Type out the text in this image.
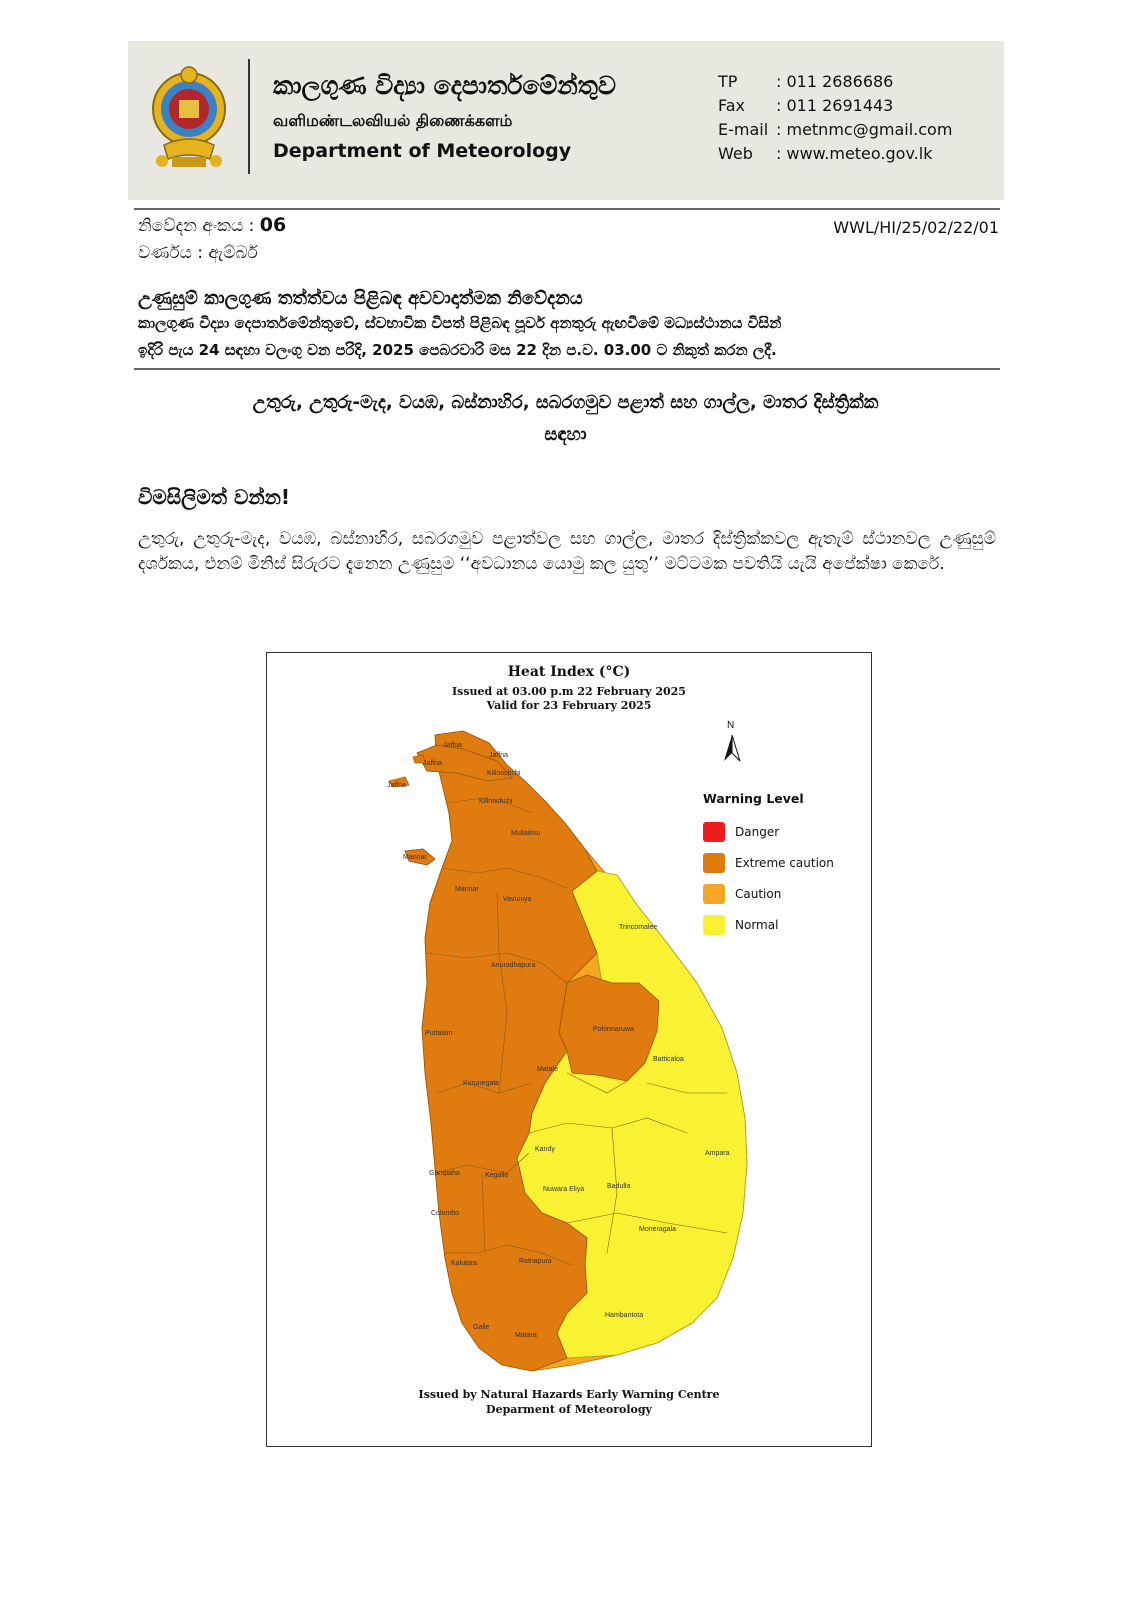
කාලගුණ විද්‍යා දෙපාර්තමේන්තුව
வளிமண்டலவியல் திணைக்களம்
Department of Meteorology
TP	: 011 2686686
Fax	: 011 2691443
E-mail : metnmc@gmail.com
Web	: www.meteo.gov.lk
නිවේදන අංකය : 06	WWL/HI/25/02/22/01
වර්ණය : ඇම්බර්
උණුසුම් කාලගුණ තත්ත්වය පිළිබඳ අවවාදාත්මක නිවේදනය
කාලගුණ විද්‍යා දෙපාර්තමේන්තුවේ, ස්වභාවික විපත් පිළිබඳ පූර්ව අනතුරු ඇඟවීමේ මධ්‍යස්ථානය විසින්
ඉදිරි පැය 24 සඳහා වලංගු වන පරිදි, 2025 පෙබරවාරි මස 22 දින ප.ව. 03.00 ට නිකුත් කරන ලදී.
උතුරු, උතුරු-මැද, වයඹ, බස්නාහිර, සබරගමුව පළාත් සහ ගාල්ල, මාතර දිස්ත්‍රික්ක
සඳහා
විමසිලිමත් වන්න!
උතුරු, උතුරු-මැද, වයඹ, බස්නාහිර, සබරගමුව පළාත්වල සහ ගාල්ල, මාතර දිස්ත්‍රික්කවල ඇතැම් ස්ථානවල උණුසුම් දර්ශකය, එනම් මිනිස් සිරුරට දැනෙන උණුසුම ‘‘අවධානය යොමු කල යුතු’’ මට්ටමක පවතියි යැයි අපේක්ෂා කෙරේ.
Heat Index (°C)
Issued at 03.00 p.m 22 February 2025
Valid for 23 February 2025
N
Warning Level
Danger
Extreme caution
Caution
Normal
Jaffna
Jaffna
Jaffna
Jaffna
Kilinochchi
Kilinochchi
Mullaitivu
Mannar
Mannar
Vavuniya
Trincomalee
Anuradhapura
Polonnaruwa
Puttalam
Batticaloa
Matale
Kurunegala
Kandy
Ampara
Gampaha	Kegalle
Nuwara Eliya	Badulla
Colombo
Moneragala
Kalutara	Ratnapura
Hambantota
Galle
Matara
Issued by Natural Hazards Early Warning Centre
Deparment of Meteorology
